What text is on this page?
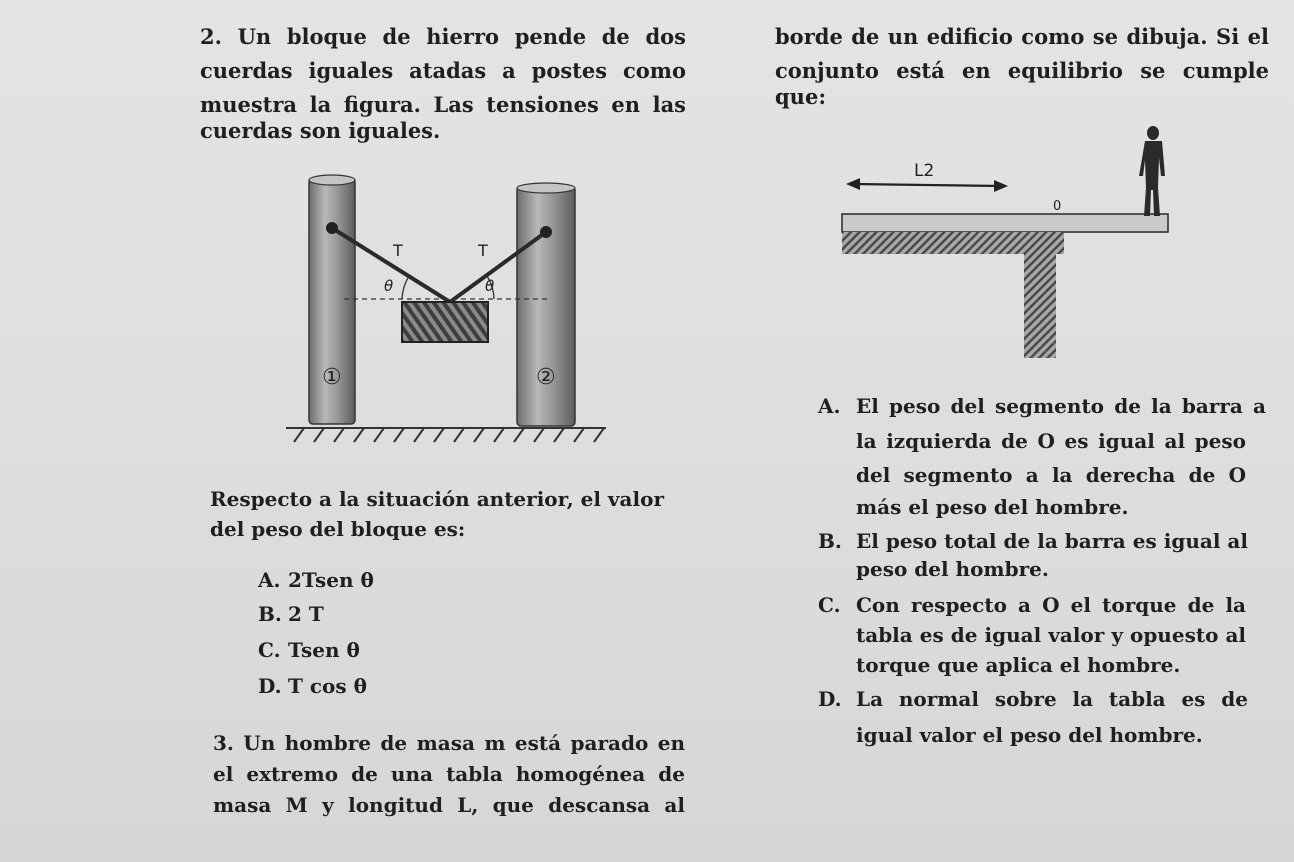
2. Un bloque de hierro pende de dos
cuerdas iguales atadas a postes como
muestra la figura. Las tensiones en las
cuerdas son iguales.
T	T
θ	θ
①	②
Respecto a la situación anterior, el valor
del peso del bloque es:
A. 2Tsen θ
B. 2 T
C. Tsen θ
D. T cos θ
3. Un hombre de masa m está parado en
el extremo de una tabla homogénea de
masa M y longitud L, que descansa al
borde de un edificio como se dibuja. Si el
conjunto está en equilibrio se cumple que:
L2
0
A. El peso del segmento de la barra a
la izquierda de O es igual al peso
del segmento a la derecha de O
más el peso del hombre.
B. El peso total de la barra es igual al
peso del hombre.
C. Con respecto a O el torque de la
tabla es de igual valor y opuesto al
torque que aplica el hombre.
D. La normal sobre la tabla es de
igual valor el peso del hombre.
